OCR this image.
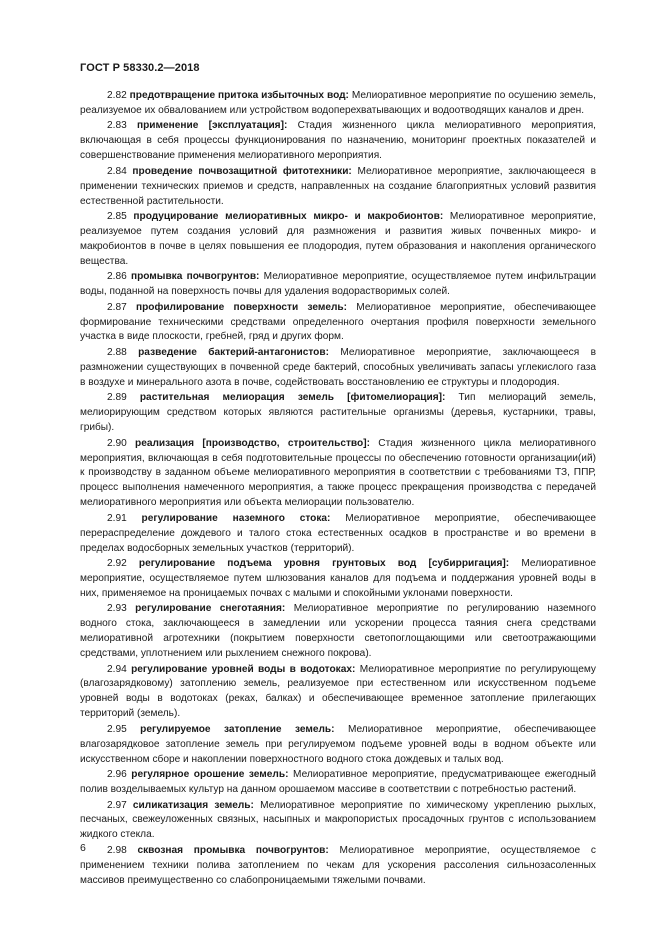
ГОСТ Р 58330.2—2018

2.82 предотвращение притока избыточных вод: Мелиоративное мероприятие по осушению земель, реализуемое их обвалованием или устройством водоперехватывающих и водоотводящих каналов и дрен.

2.83 применение [эксплуатация]: Стадия жизненного цикла мелиоративного мероприятия, включающая в себя процессы функционирования по назначению, мониторинг проектных показателей и совершенствование применения мелиоративного мероприятия.

2.84 проведение почвозащитной фитотехники: Мелиоративное мероприятие, заключающееся в применении технических приемов и средств, направленных на создание благоприятных условий развития естественной растительности.

2.85 продуцирование мелиоративных микро- и макробионтов: Мелиоративное мероприятие, реализуемое путем создания условий для размножения и развития живых почвенных микро- и макробионтов в почве в целях повышения ее плодородия, путем образования и накопления органического вещества.

2.86 промывка почвогрунтов: Мелиоративное мероприятие, осуществляемое путем инфильтрации воды, поданной на поверхность почвы для удаления водорастворимых солей.

2.87 профилирование поверхности земель: Мелиоративное мероприятие, обеспечивающее формирование техническими средствами определенного очертания профиля поверхности земельного участка в виде плоскости, гребней, гряд и других форм.

2.88 разведение бактерий-антагонистов: Мелиоративное мероприятие, заключающееся в размножении существующих в почвенной среде бактерий, способных увеличивать запасы углекислого газа в воздухе и минерального азота в почве, содействовать восстановлению ее структуры и плодородия.

2.89 растительная мелиорация земель [фитомелиорация]: Тип мелиораций земель, мелиорирующим средством которых являются растительные организмы (деревья, кустарники, травы, грибы).

2.90 реализация [производство, строительство]: Стадия жизненного цикла мелиоративного мероприятия, включающая в себя подготовительные процессы по обеспечению готовности организации(ий) к производству в заданном объеме мелиоративного мероприятия в соответствии с требованиями ТЗ, ППР, процесс выполнения намеченного мероприятия, а также процесс прекращения производства с передачей мелиоративного мероприятия или объекта мелиорации пользователю.

2.91 регулирование наземного стока: Мелиоративное мероприятие, обеспечивающее перераспределение дождевого и талого стока естественных осадков в пространстве и во времени в пределах водосборных земельных участков (территорий).

2.92 регулирование подъема уровня грунтовых вод [субирригация]: Мелиоративное мероприятие, осуществляемое путем шлюзования каналов для подъема и поддержания уровней воды в них, применяемое на проницаемых почвах с малыми и спокойными уклонами поверхности.

2.93 регулирование снеготаяния: Мелиоративное мероприятие по регулированию наземного водного стока, заключающееся в замедлении или ускорении процесса таяния снега средствами мелиоративной агротехники (покрытием поверхности светопоглощающими или светоотражающими средствами, уплотнением или рыхлением снежного покрова).

2.94 регулирование уровней воды в водотоках: Мелиоративное мероприятие по регулирующему (влагозарядковому) затоплению земель, реализуемое при естественном или искусственном подъеме уровней воды в водотоках (реках, балках) и обеспечивающее временное затопление прилегающих территорий (земель).

2.95 регулируемое затопление земель: Мелиоративное мероприятие, обеспечивающее влагозарядковое затопление земель при регулируемом подъеме уровней воды в водном объекте или искусственном сборе и накоплении поверхностного водного стока дождевых и талых вод.

2.96 регулярное орошение земель: Мелиоративное мероприятие, предусматривающее ежегодный полив возделываемых культур на данном орошаемом массиве в соответствии с потребностью растений.

2.97 силикатизация земель: Мелиоративное мероприятие по химическому укреплению рыхлых, песчаных, свежеуложенных связных, насыпных и макропористых просадочных грунтов с использованием жидкого стекла.

2.98 сквозная промывка почвогрунтов: Мелиоративное мероприятие, осуществляемое с применением техники полива затоплением по чекам для ускорения рассоления сильнозасоленных массивов преимущественно со слабопроницаемыми тяжелыми почвами.

6
